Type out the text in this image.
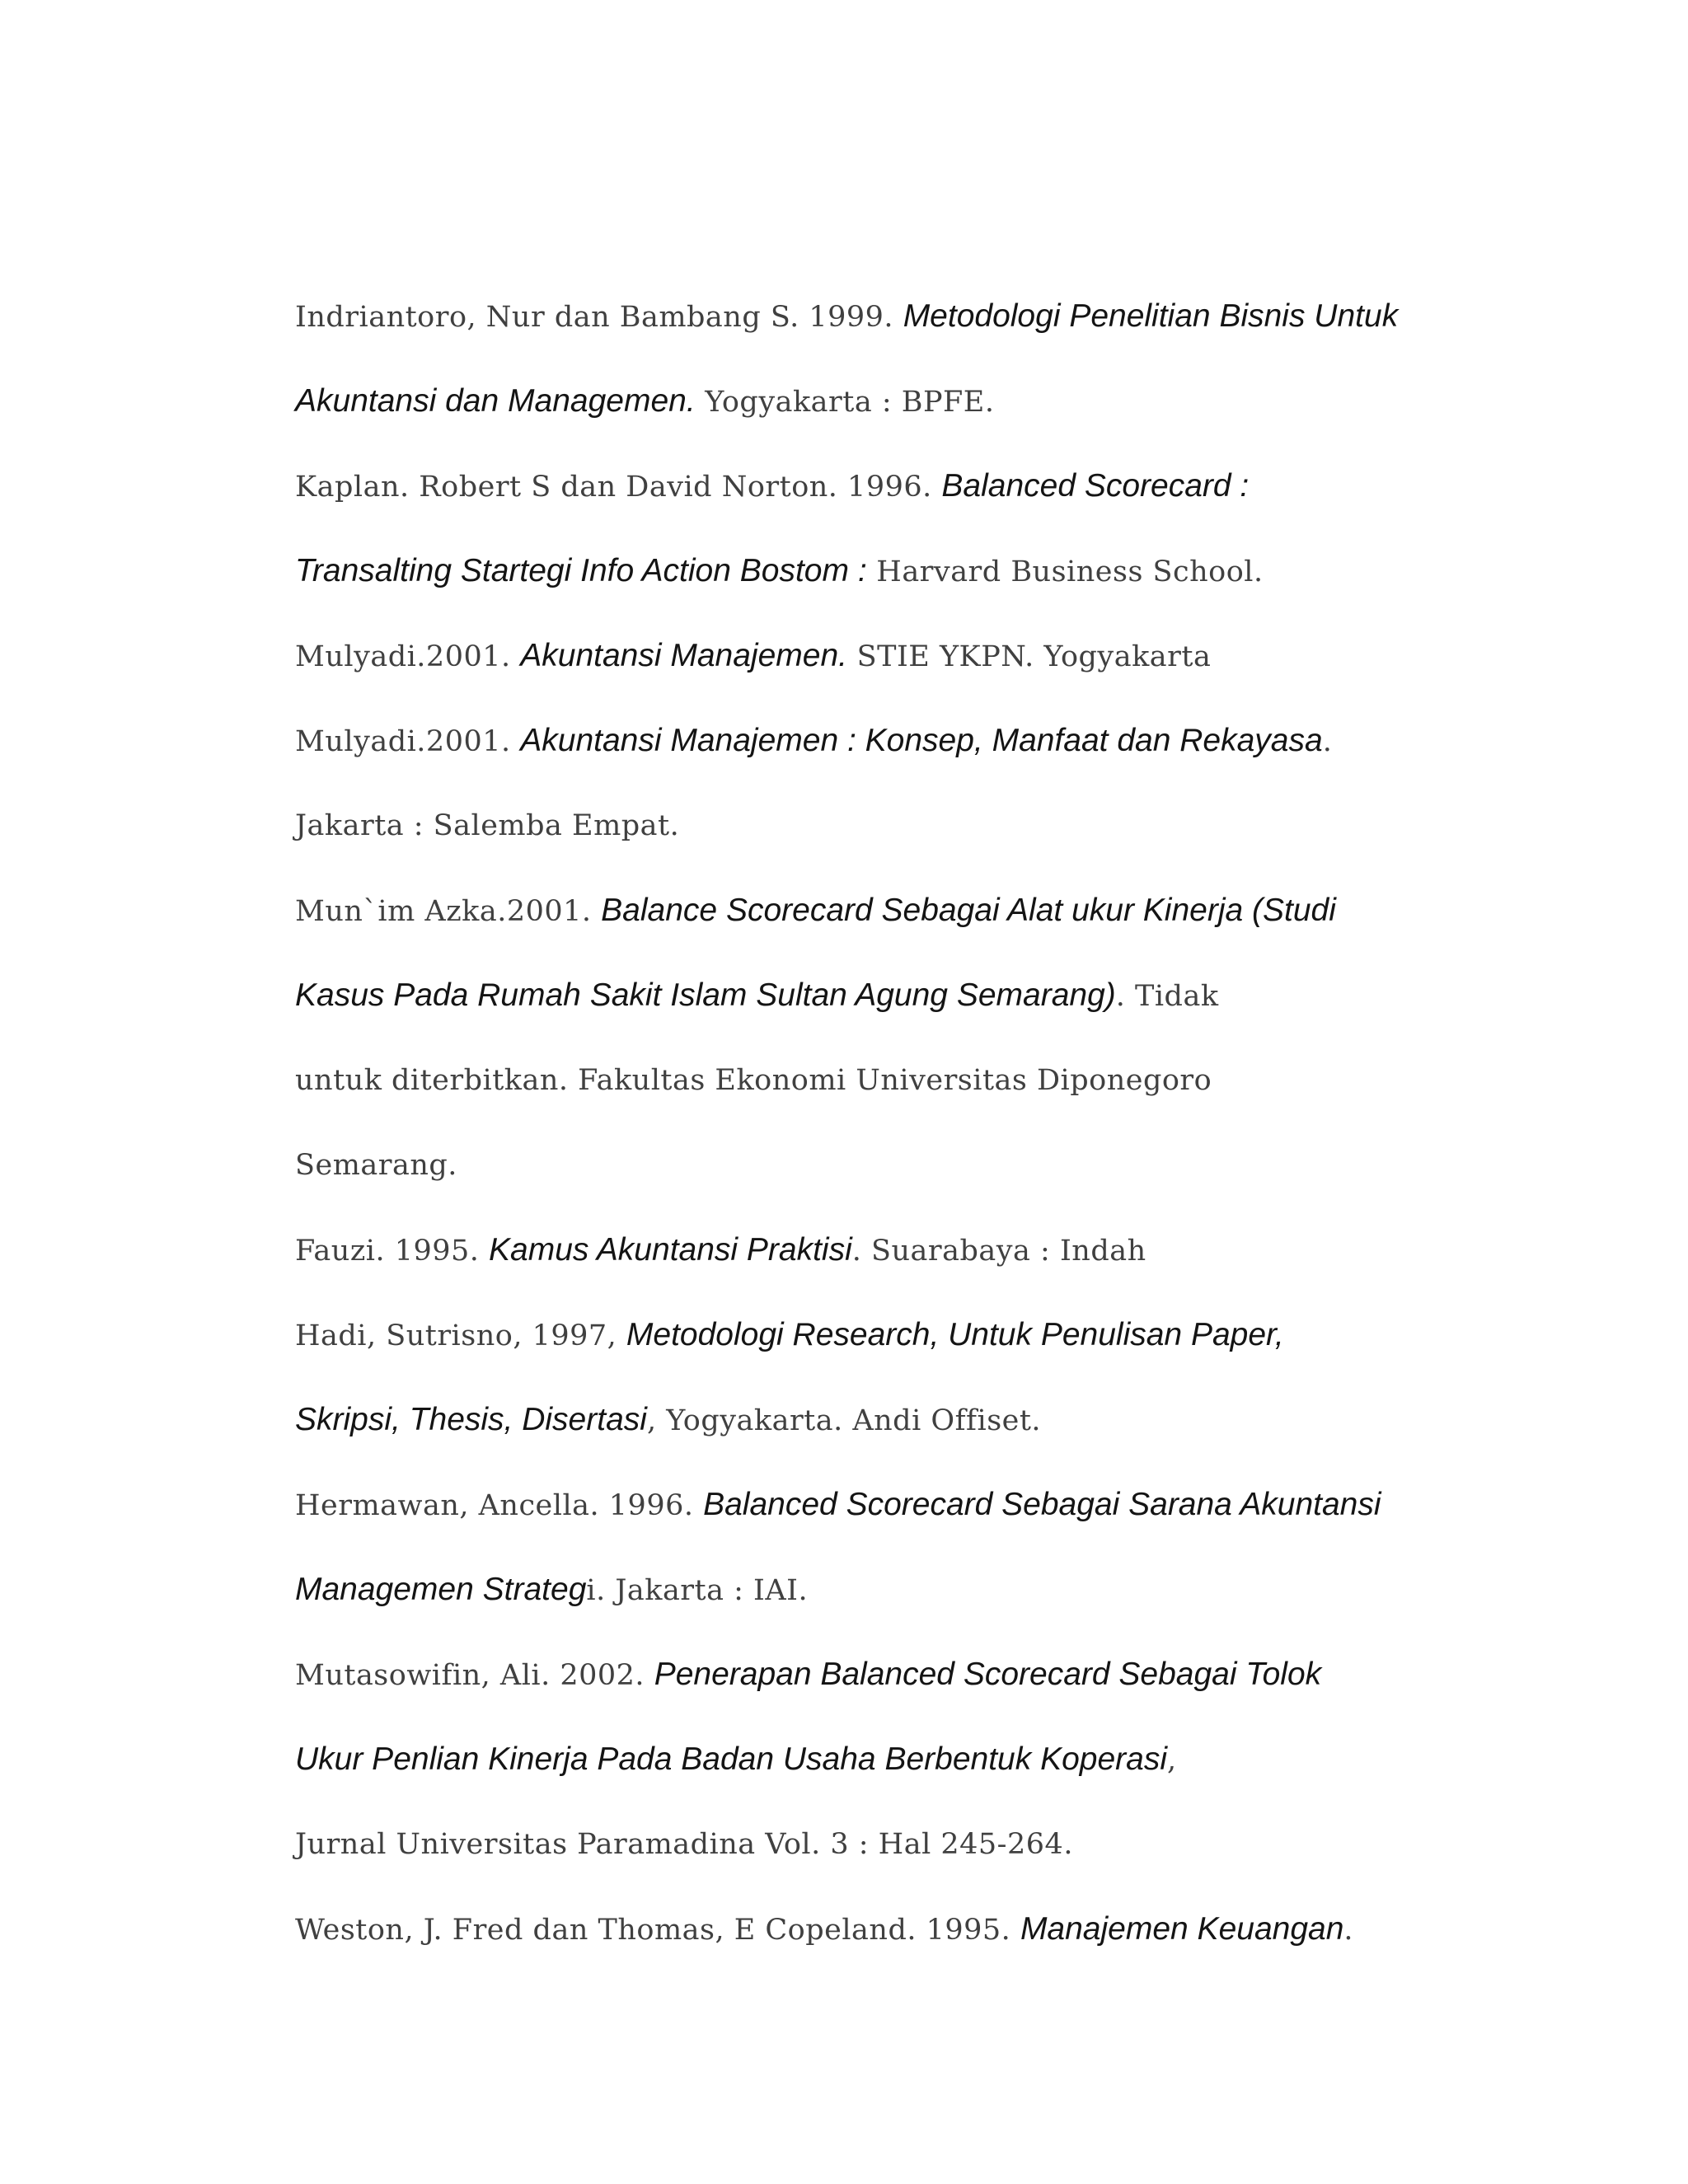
Indriantoro, Nur dan Bambang S. 1999. Metodologi Penelitian Bisnis Untuk
Akuntansi dan Managemen. Yogyakarta : BPFE.
Kaplan. Robert S dan David Norton. 1996. Balanced Scorecard :
Transalting Startegi Info Action Bostom : Harvard Business School.
Mulyadi.2001. Akuntansi Manajemen. STIE YKPN. Yogyakarta
Mulyadi.2001. Akuntansi Manajemen : Konsep, Manfaat dan Rekayasa.
Jakarta : Salemba Empat.
Mun`im Azka.2001. Balance Scorecard Sebagai Alat ukur Kinerja (Studi
Kasus Pada Rumah Sakit Islam Sultan Agung Semarang). Tidak
untuk diterbitkan. Fakultas Ekonomi Universitas Diponegoro
Semarang.
Fauzi. 1995. Kamus Akuntansi Praktisi. Suarabaya : Indah
Hadi, Sutrisno, 1997, Metodologi Research, Untuk Penulisan Paper,
Skripsi, Thesis, Disertasi, Yogyakarta. Andi Offiset.
Hermawan, Ancella. 1996. Balanced Scorecard Sebagai Sarana Akuntansi
Managemen Strategi. Jakarta : IAI.
Mutasowifin, Ali. 2002. Penerapan Balanced Scorecard Sebagai Tolok
Ukur Penlian Kinerja Pada Badan Usaha Berbentuk Koperasi,
Jurnal Universitas Paramadina Vol. 3 : Hal 245-264.
Weston, J. Fred dan Thomas, E Copeland. 1995. Manajemen Keuangan.
